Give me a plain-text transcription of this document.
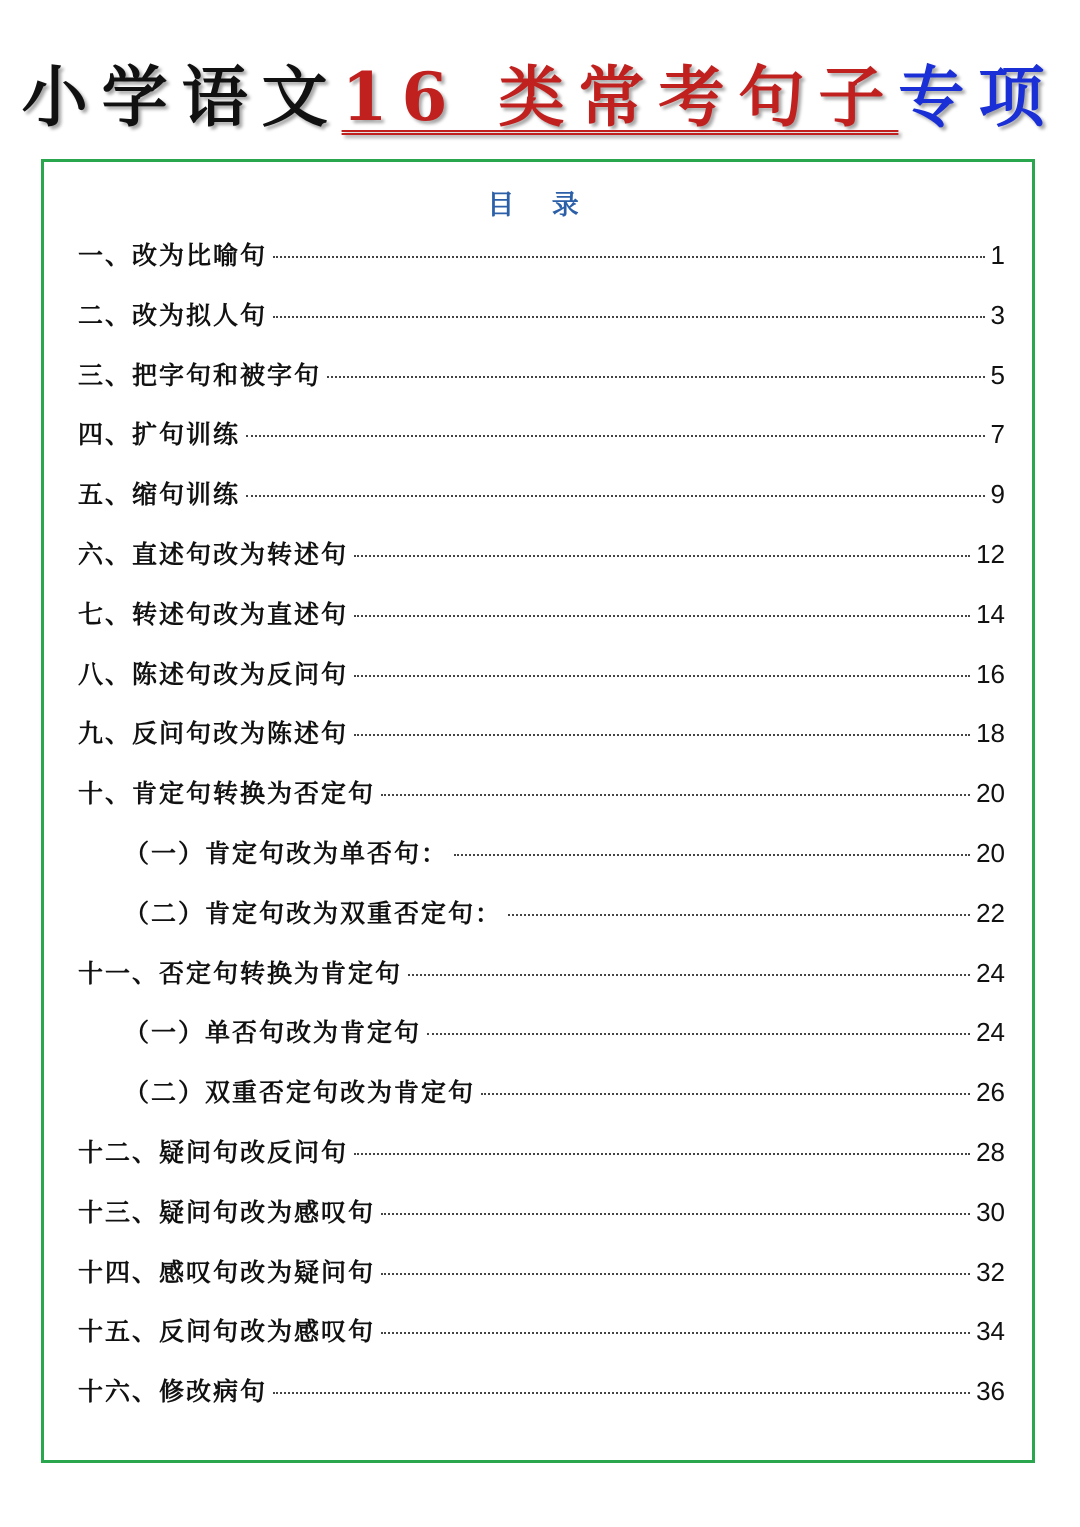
小学语文16 类常考句子专项
目 录
一、改为比喻句	1
二、改为拟人句	3
三、把字句和被字句	5
四、扩句训练	7
五、缩句训练	9
六、直述句改为转述句	12
七、转述句改为直述句	14
八、陈述句改为反问句	16
九、反问句改为陈述句	18
十、肯定句转换为否定句	20
（一）肯定句改为单否句：	20
（二）肯定句改为双重否定句：	22
十一、否定句转换为肯定句	24
（一）单否句改为肯定句	24
（二）双重否定句改为肯定句	26
十二、疑问句改反问句	28
十三、疑问句改为感叹句	30
十四、感叹句改为疑问句	32
十五、反问句改为感叹句	34
十六、修改病句	36
